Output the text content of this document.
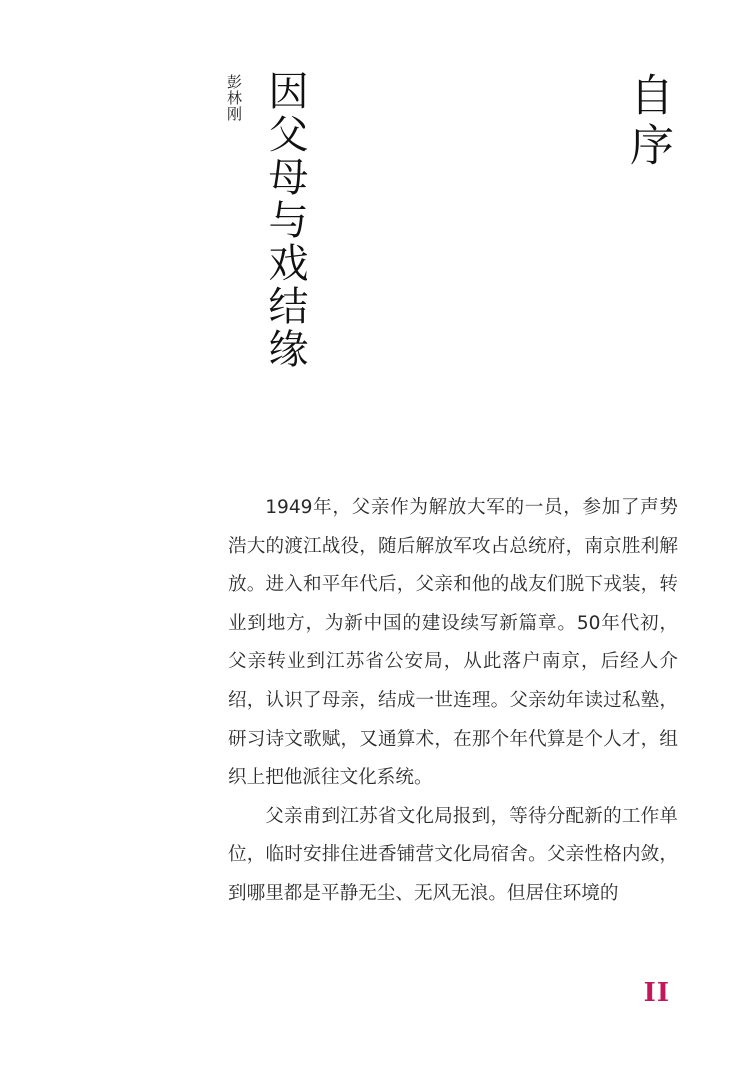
自序
因父母与戏结缘
彭林刚

1949年，父亲作为解放大军的一员，参加了声势浩大的渡江战役，随后解放军攻占总统府，南京胜利解放。进入和平年代后，父亲和他的战友们脱下戎装，转业到地方，为新中国的建设续写新篇章。50年代初，父亲转业到江苏省公安局，从此落户南京，后经人介绍，认识了母亲，结成一世连理。父亲幼年读过私塾，研习诗文歌赋，又通算术，在那个年代算是个人才，组织上把他派往文化系统。

父亲甫到江苏省文化局报到，等待分配新的工作单位，临时安排住进香铺营文化局宿舍。父亲性格内敛，到哪里都是平静无尘、无风无浪。但居住环境的

II
